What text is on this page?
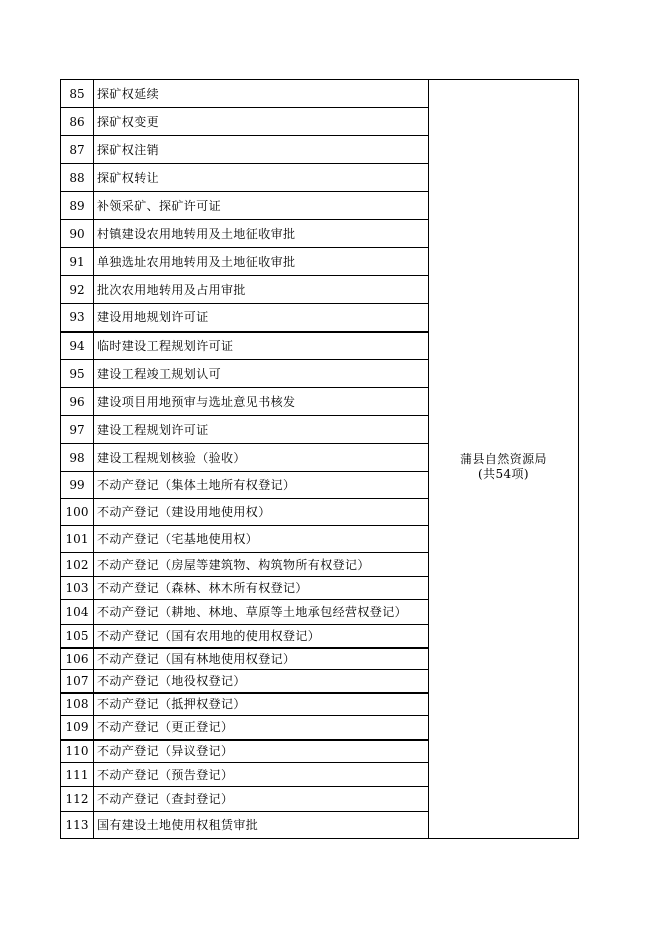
85	探矿权延续	蒲县自然资源局
(共54项)

86	探矿权变更	
87	探矿权注销	
88	探矿权转让	
89	补领采矿、探矿许可证	
90	村镇建设农用地转用及土地征收审批	
91	单独选址农用地转用及土地征收审批	
92	批次农用地转用及占用审批	
93	建设用地规划许可证	
94	临时建设工程规划许可证	
95	建设工程竣工规划认可	
96	建设项目用地预审与选址意见书核发	
97	建设工程规划许可证	
98	建设工程规划核验（验收）	
99	不动产登记（集体土地所有权登记）	
100	不动产登记（建设用地使用权）	
101	不动产登记（宅基地使用权）	
102	不动产登记（房屋等建筑物、构筑物所有权登记）	
103	不动产登记（森林、林木所有权登记）	
104	不动产登记（耕地、林地、草原等土地承包经营权登记）	
105	不动产登记（国有农用地的使用权登记）	
106	不动产登记（国有林地使用权登记）	
107	不动产登记（地役权登记）	
108	不动产登记（抵押权登记）	
109	不动产登记（更正登记）	
110	不动产登记（异议登记）	
111	不动产登记（预告登记）	
112	不动产登记（查封登记）	
113	国有建设土地使用权租赁审批	
